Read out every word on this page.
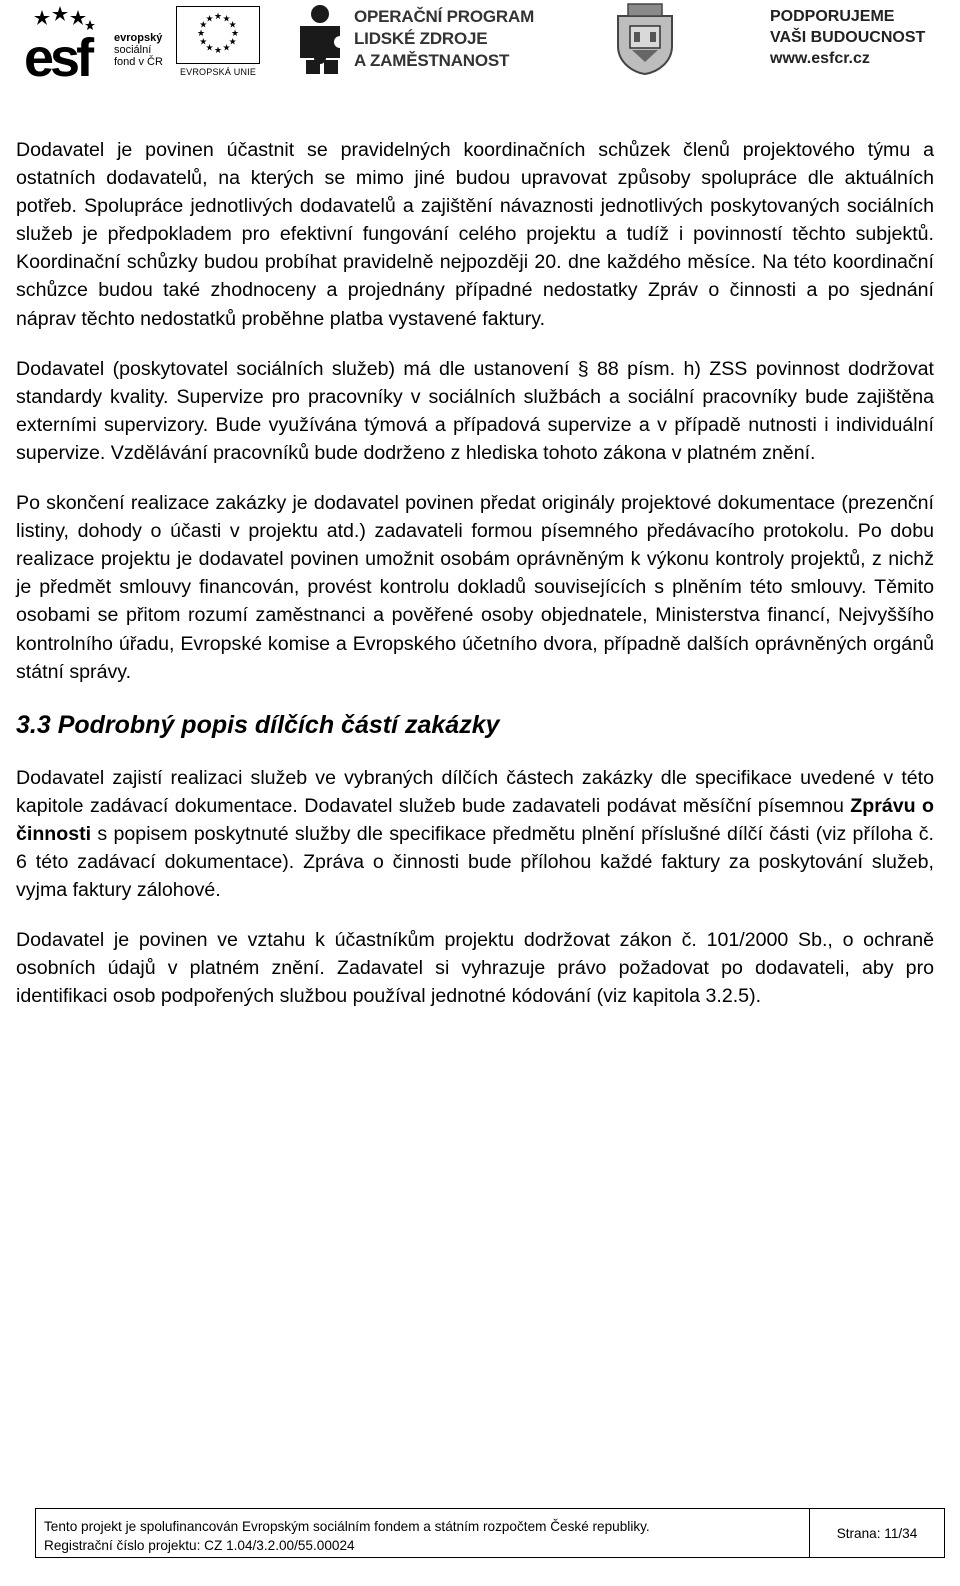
esf	evropský
sociální
fond v ČR
★ ★
★
★
★
★
★
★
★
★
★
★
EVROPSKÁ UNIE
OPERAČNÍ PROGRAM
LIDSKÉ ZDROJE
A ZAMĚSTNANOST
PODPORUJEME
VAŠI BUDOUCNOST
www.esfcr.cz

Dodavatel je povinen účastnit se pravidelných koordinačních schůzek členů projektového týmu a ostatních dodavatelů, na kterých se mimo jiné budou upravovat způsoby spolupráce dle aktuálních potřeb. Spolupráce jednotlivých dodavatelů a zajištění návaznosti jednotlivých poskytovaných sociálních služeb je předpokladem pro efektivní fungování celého projektu a tudíž i povinností těchto subjektů. Koordinační schůzky budou probíhat pravidelně nejpozději 20. dne každého měsíce. Na této koordinační schůzce budou také zhodnoceny a projednány případné nedostatky Zpráv o činnosti a po sjednání náprav těchto nedostatků proběhne platba vystavené faktury.

Dodavatel (poskytovatel sociálních služeb) má dle ustanovení § 88 písm. h) ZSS povinnost dodržovat standardy kvality. Supervize pro pracovníky v sociálních službách a sociální pracovníky bude zajištěna externími supervizory. Bude využívána týmová a případová supervize a v případě nutnosti i individuální supervize. Vzdělávání pracovníků bude dodrženo z hlediska tohoto zákona v platném znění.

Po skončení realizace zakázky je dodavatel povinen předat originály projektové dokumentace (prezenční listiny, dohody o účasti v projektu atd.) zadavateli formou písemného předávacího protokolu. Po dobu realizace projektu je dodavatel povinen umožnit osobám oprávněným k výkonu kontroly projektů, z nichž je předmět smlouvy financován, provést kontrolu dokladů souvisejících s plněním této smlouvy. Těmito osobami se přitom rozumí zaměstnanci a pověřené osoby objednatele, Ministerstva financí, Nejvyššího kontrolního úřadu, Evropské komise a Evropského účetního dvora, případně dalších oprávněných orgánů státní správy.

3.3 Podrobný popis dílčích částí zakázky

Dodavatel zajistí realizaci služeb ve vybraných dílčích částech zakázky dle specifikace uvedené v této kapitole zadávací dokumentace. Dodavatel služeb bude zadavateli podávat měsíční písemnou Zprávu o činnosti s popisem poskytnuté služby dle specifikace předmětu plnění příslušné dílčí části (viz příloha č. 6 této zadávací dokumentace). Zpráva o činnosti bude přílohou každé faktury za poskytování služeb, vyjma faktury zálohové.

Dodavatel je povinen ve vztahu k účastníkům projektu dodržovat zákon č. 101/2000 Sb., o ochraně osobních údajů v platném znění. Zadavatel si vyhrazuje právo požadovat po dodavateli, aby pro identifikaci osob podpořených službou používal jednotné kódování (viz kapitola 3.2.5).

Tento projekt je spolufinancován Evropským sociálním fondem a státním rozpočtem České republiky.
Registrační číslo projektu: CZ 1.04/3.2.00/55.00024
Strana: 11/34
